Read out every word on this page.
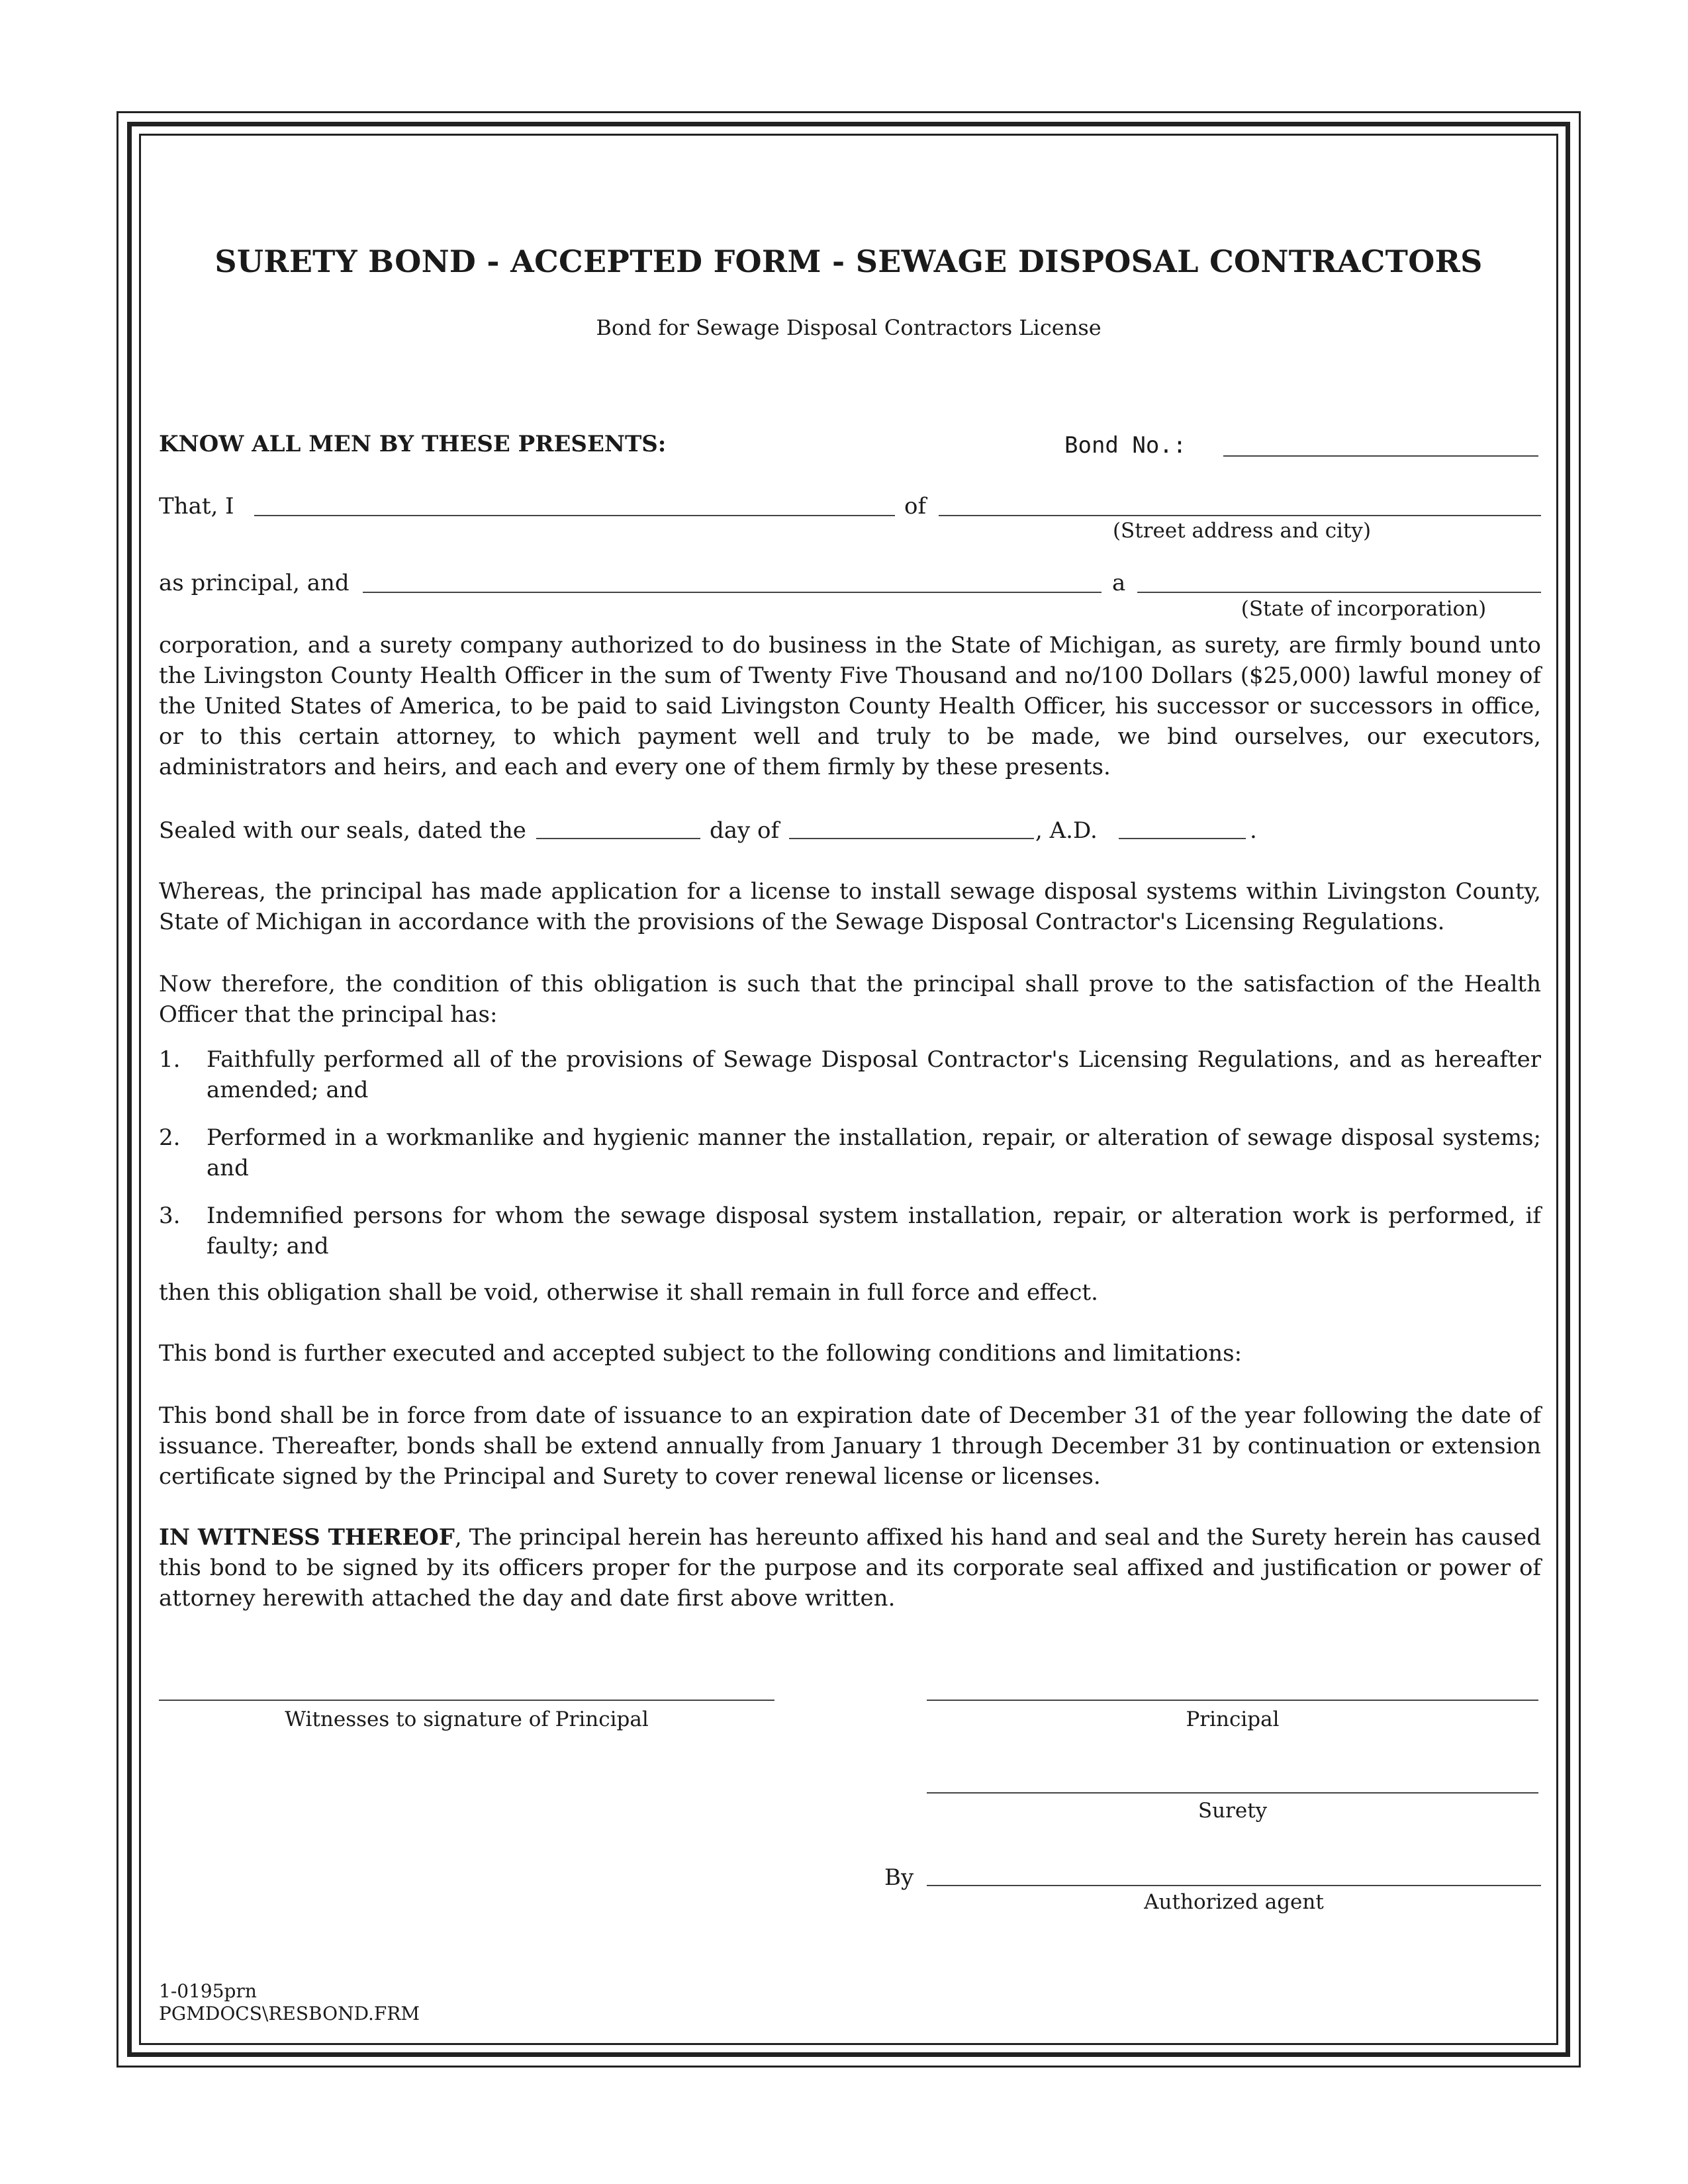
SURETY BOND - ACCEPTED FORM - SEWAGE DISPOSAL CONTRACTORS
Bond for Sewage Disposal Contractors License
KNOW ALL MEN BY THESE PRESENTS:	Bond No.:
That, I	of
(Street address and city)
as principal, and	a
(State of incorporation)
corporation, and a surety company authorized to do business in the State of Michigan, as surety, are firmly bound unto the Livingston County Health Officer in the sum of Twenty Five Thousand and no/100 Dollars ($25,000) lawful money of the United States of America, to be paid to said Livingston County Health Officer, his successor or successors in office, or to this certain attorney, to which payment well and truly to be made, we bind ourselves, our executors, administrators and heirs, and each and every one of them firmly by these presents.
Sealed with our seals, dated the	day of	, A.D.	.
Whereas, the principal has made application for a license to install sewage disposal systems within Livingston County, State of Michigan in accordance with the provisions of the Sewage Disposal Contractor's Licensing Regulations.
Now therefore, the condition of this obligation is such that the principal shall prove to the satisfaction of the Health Officer that the principal has:
1. Faithfully performed all of the provisions of Sewage Disposal Contractor's Licensing Regulations, and as hereafter amended; and
2. Performed in a workmanlike and hygienic manner the installation, repair, or alteration of sewage disposal systems; and
3. Indemnified persons for whom the sewage disposal system installation, repair, or alteration work is performed, if faulty; and
then this obligation shall be void, otherwise it shall remain in full force and effect.
This bond is further executed and accepted subject to the following conditions and limitations:
This bond shall be in force from date of issuance to an expiration date of December 31 of the year following the date of issuance. Thereafter, bonds shall be extend annually from January 1 through December 31 by continuation or extension certificate signed by the Principal and Surety to cover renewal license or licenses.
IN WITNESS THEREOF, The principal herein has hereunto affixed his hand and seal and the Surety herein has caused this bond to be signed by its officers proper for the purpose and its corporate seal affixed and justification or power of attorney herewith attached the day and date first above written.
Witnesses to signature of Principal	Principal
Surety
By
Authorized agent
1-0195prn
PGMDOCS\RESBOND.FRM
